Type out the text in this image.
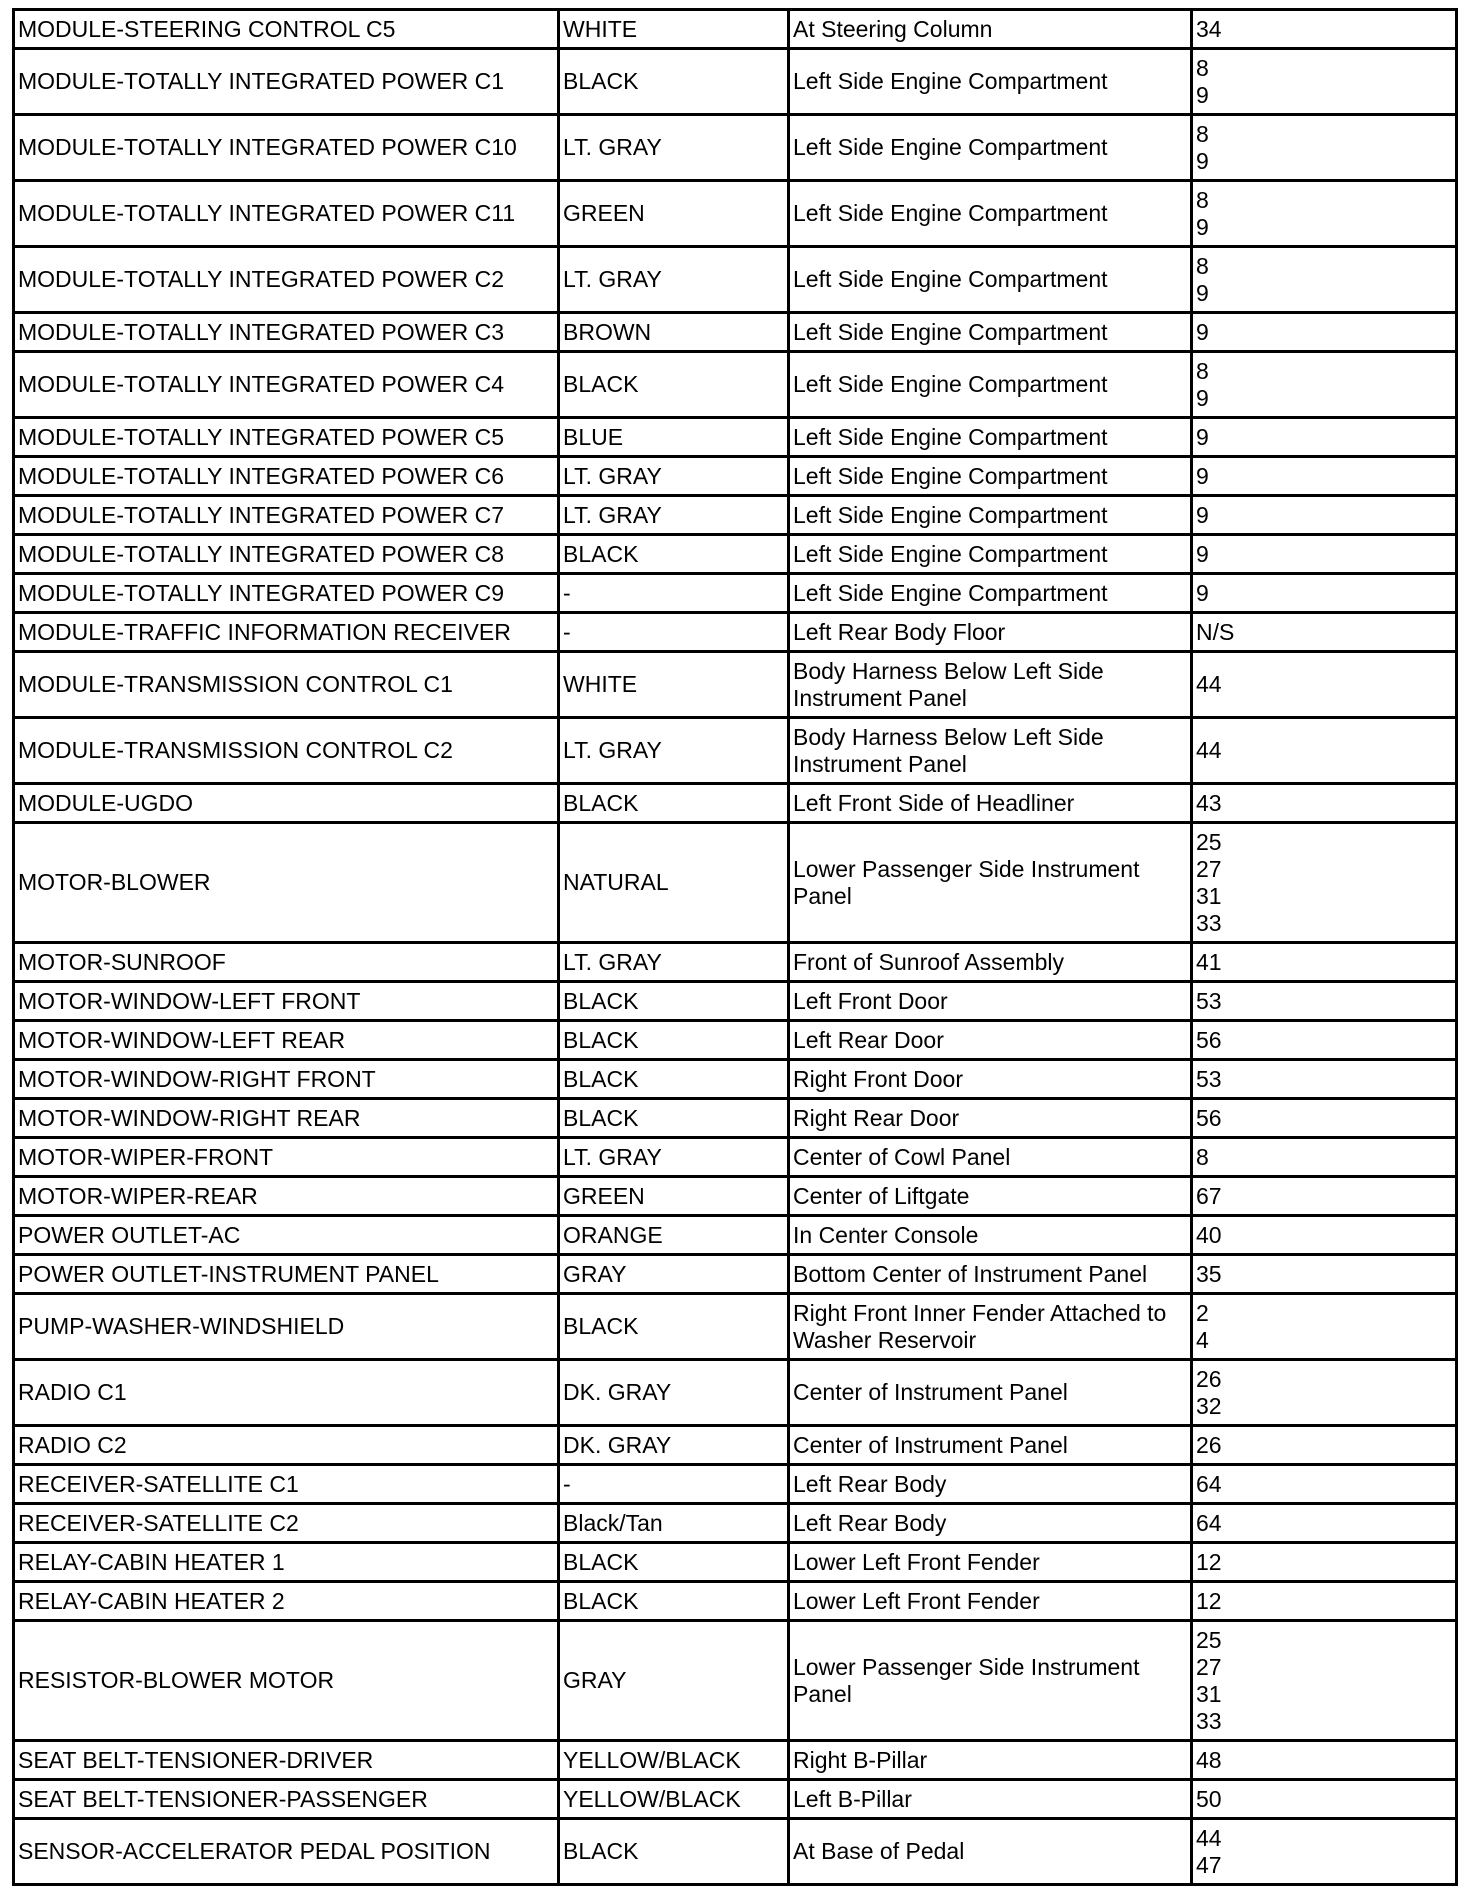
MODULE-STEERING CONTROL C5	WHITE	At Steering Column	34
MODULE-TOTALLY INTEGRATED POWER C1	BLACK	Left Side Engine Compartment	8
9
MODULE-TOTALLY INTEGRATED POWER C10	LT. GRAY	Left Side Engine Compartment	8
9
MODULE-TOTALLY INTEGRATED POWER C11	GREEN	Left Side Engine Compartment	8
9
MODULE-TOTALLY INTEGRATED POWER C2	LT. GRAY	Left Side Engine Compartment	8
9
MODULE-TOTALLY INTEGRATED POWER C3	BROWN	Left Side Engine Compartment	9
MODULE-TOTALLY INTEGRATED POWER C4	BLACK	Left Side Engine Compartment	8
9
MODULE-TOTALLY INTEGRATED POWER C5	BLUE	Left Side Engine Compartment	9
MODULE-TOTALLY INTEGRATED POWER C6	LT. GRAY	Left Side Engine Compartment	9
MODULE-TOTALLY INTEGRATED POWER C7	LT. GRAY	Left Side Engine Compartment	9
MODULE-TOTALLY INTEGRATED POWER C8	BLACK	Left Side Engine Compartment	9
MODULE-TOTALLY INTEGRATED POWER C9	-	Left Side Engine Compartment	9
MODULE-TRAFFIC INFORMATION RECEIVER	-	Left Rear Body Floor	N/S
MODULE-TRANSMISSION CONTROL C1	WHITE	Body Harness Below Left Side
Instrument Panel	44
MODULE-TRANSMISSION CONTROL C2	LT. GRAY	Body Harness Below Left Side
Instrument Panel	44
MODULE-UGDO	BLACK	Left Front Side of Headliner	43
MOTOR-BLOWER	NATURAL	Lower Passenger Side Instrument
Panel	25
27
31
33
MOTOR-SUNROOF	LT. GRAY	Front of Sunroof Assembly	41
MOTOR-WINDOW-LEFT FRONT	BLACK	Left Front Door	53
MOTOR-WINDOW-LEFT REAR	BLACK	Left Rear Door	56
MOTOR-WINDOW-RIGHT FRONT	BLACK	Right Front Door	53
MOTOR-WINDOW-RIGHT REAR	BLACK	Right Rear Door	56
MOTOR-WIPER-FRONT	LT. GRAY	Center of Cowl Panel	8
MOTOR-WIPER-REAR	GREEN	Center of Liftgate	67
POWER OUTLET-AC	ORANGE	In Center Console	40
POWER OUTLET-INSTRUMENT PANEL	GRAY	Bottom Center of Instrument Panel	35
PUMP-WASHER-WINDSHIELD	BLACK	Right Front Inner Fender Attached to
Washer Reservoir	2
4
RADIO C1	DK. GRAY	Center of Instrument Panel	26
32
RADIO C2	DK. GRAY	Center of Instrument Panel	26
RECEIVER-SATELLITE C1	-	Left Rear Body	64
RECEIVER-SATELLITE C2	Black/Tan	Left Rear Body	64
RELAY-CABIN HEATER 1	BLACK	Lower Left Front Fender	12
RELAY-CABIN HEATER 2	BLACK	Lower Left Front Fender	12
RESISTOR-BLOWER MOTOR	GRAY	Lower Passenger Side Instrument
Panel	25
27
31
33
SEAT BELT-TENSIONER-DRIVER	YELLOW/BLACK	Right B-Pillar	48
SEAT BELT-TENSIONER-PASSENGER	YELLOW/BLACK	Left B-Pillar	50
SENSOR-ACCELERATOR PEDAL POSITION	BLACK	At Base of Pedal	44
47
